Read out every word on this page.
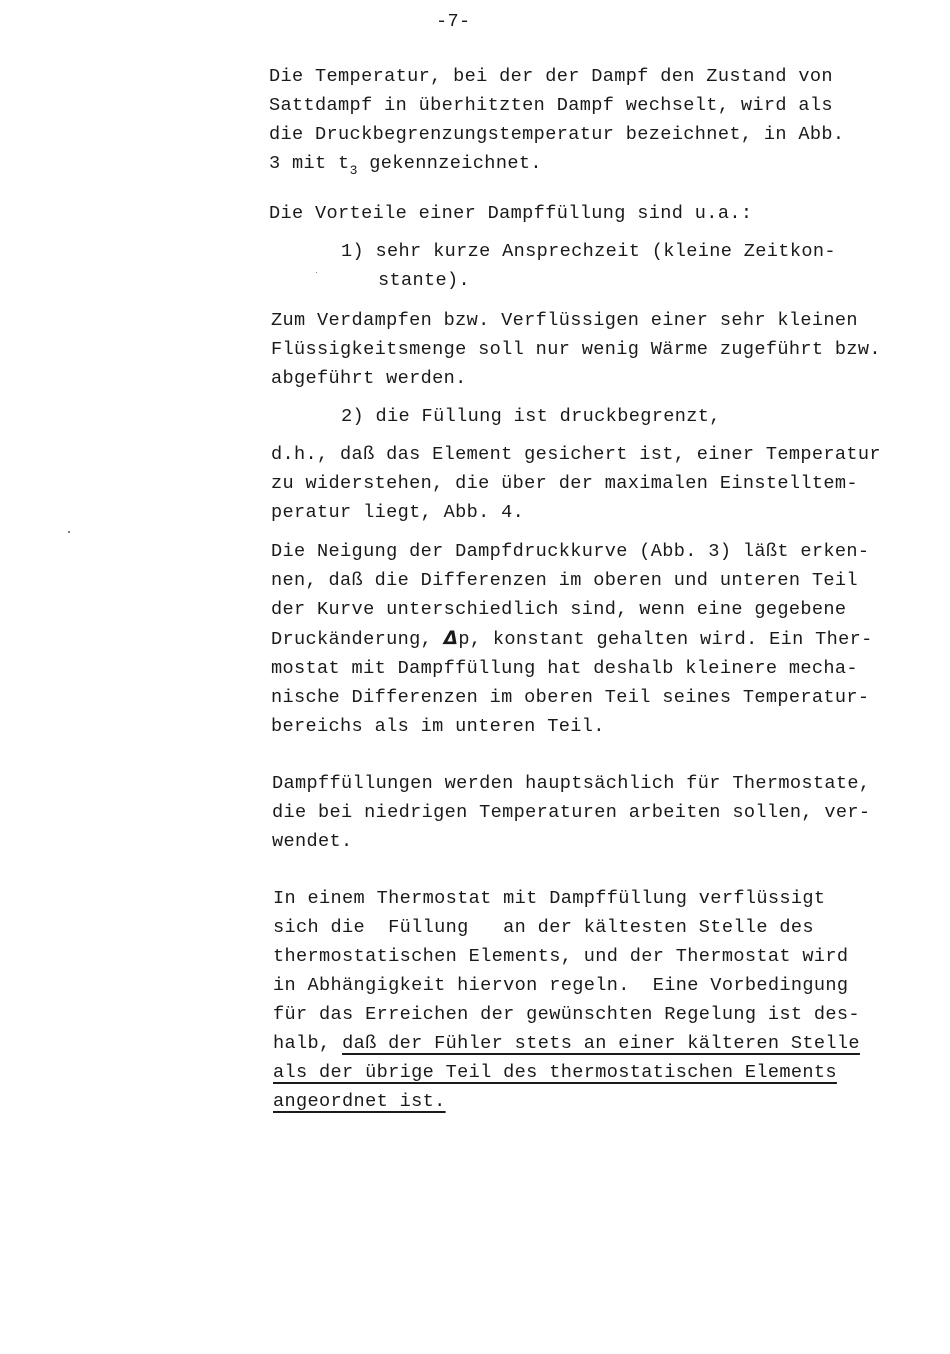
-7-
Die Temperatur, bei der der Dampf den Zustand von
Sattdampf in überhitzten Dampf wechselt, wird als
die Druckbegrenzungstemperatur bezeichnet, in Abb.
3 mit $t_3$ gekennzeichnet.
Die Vorteile einer Dampffüllung sind u.a.:
1) sehr kurze Ansprechzeit (kleine Zeitkon-
stante).
Zum Verdampfen bzw. Verflüssigen einer sehr kleinen
Flüssigkeitsmenge soll nur wenig Wärme zugeführt bzw.
abgeführt werden.
2) die Füllung ist druckbegrenzt,
d.h., daß das Element gesichert ist, einer Temperatur
zu widerstehen, die über der maximalen Einstelltem-
peratur liegt, Abb. 4.
Die Neigung der Dampfdruckkurve (Abb. 3) läßt erken-
nen, daß die Differenzen im oberen und unteren Teil
der Kurve unterschiedlich sind, wenn eine gegebene
Druckänderung, Δp, konstant gehalten wird. Ein Ther-
mostat mit Dampffüllung hat deshalb kleinere mecha-
nische Differenzen im oberen Teil seines Temperatur-
bereichs als im unteren Teil.
Dampffüllungen werden hauptsächlich für Thermostate,
die bei niedrigen Temperaturen arbeiten sollen, ver-
wendet.
In einem Thermostat mit Dampffüllung verflüssigt
sich die  Füllung   an der kältesten Stelle des
thermostatischen Elements, und der Thermostat wird
in Abhängigkeit hiervon regeln.  Eine Vorbedingung
für das Erreichen der gewünschten Regelung ist des-
halb, daß der Fühler stets an einer kälteren Stelle
als der übrige Teil des thermostatischen Elements
angeordnet ist.
